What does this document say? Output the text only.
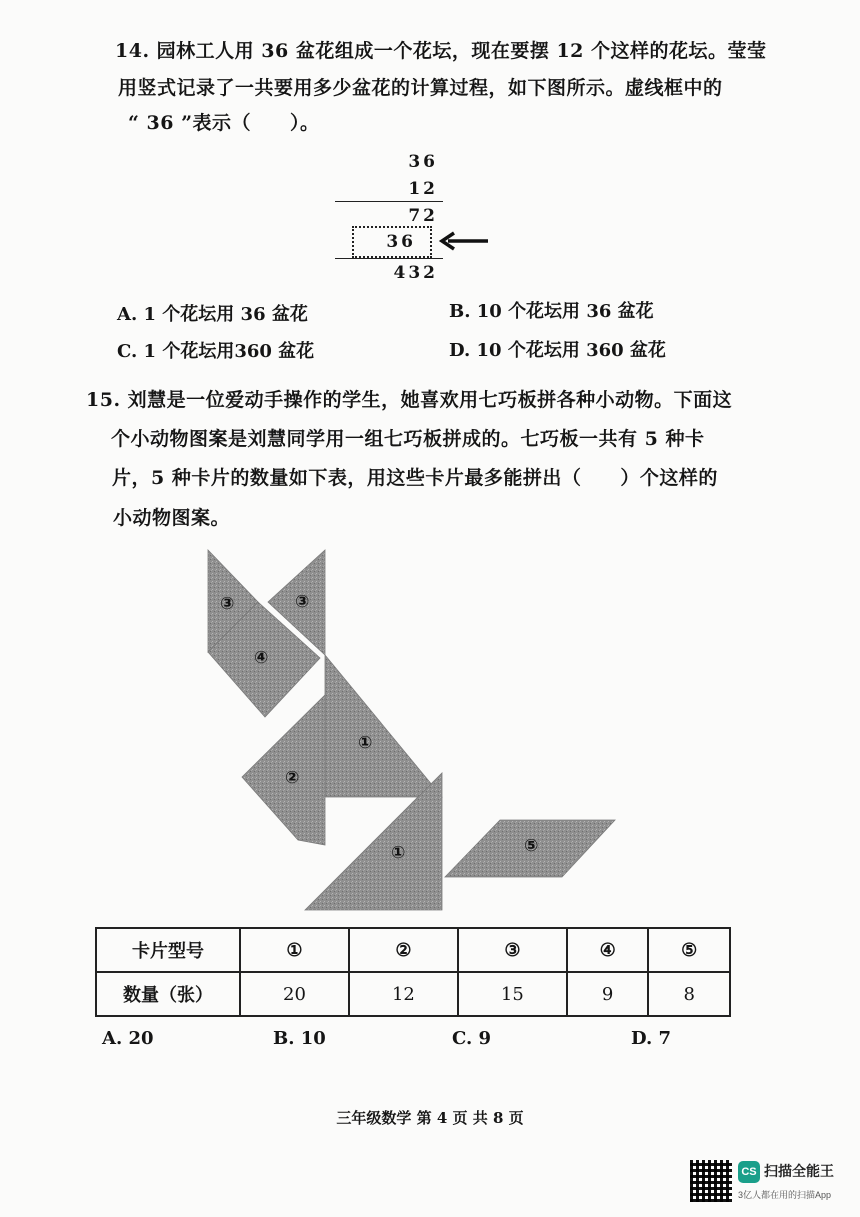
14. 园林工人用 36 盆花组成一个花坛，现在要摆 12 个这样的花坛。莹莹
用竖式记录了一共要用多少盆花的计算过程，如下图所示。虚线框中的
“ 36 ”表示（　　）。
36
12
72
36
432
A. 1 个花坛用 36 盆花	B. 10 个花坛用 36 盆花
C. 1 个花坛用360 盆花	D. 10 个花坛用 360 盆花
15. 刘慧是一位爱动手操作的学生，她喜欢用七巧板拼各种小动物。下面这
个小动物图案是刘慧同学用一组七巧板拼成的。七巧板一共有 5 种卡
片，5 种卡片的数量如下表，用这些卡片最多能拼出（　　）个这样的
小动物图案。
③	③
④
①
②
①	⑤
卡片型号	①	②	③	④	⑤
数量（张）	20	12	15	9	8
A. 20	B. 10	C. 9	D. 7
三年级数学 第 4 页 共 8 页
CS 扫描全能王
3亿人都在用的扫描App
